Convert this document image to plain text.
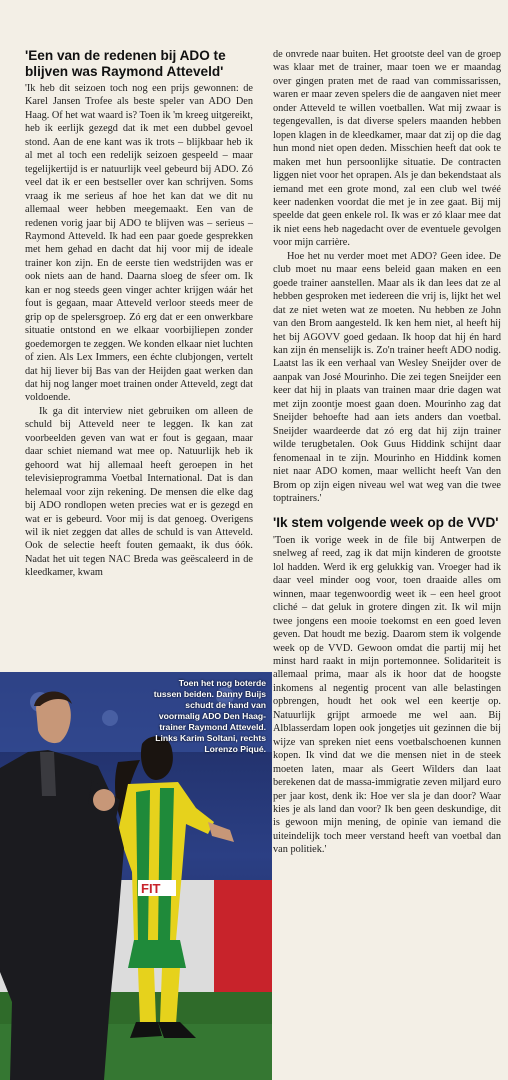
'Een van de redenen bij ADO te blijven was Raymond Atteveld'

'Ik heb dit seizoen toch nog een prijs gewonnen: de Karel Jansen Trofee als beste speler van ADO Den Haag. Of het wat waard is? Toen ik 'm kreeg uitgereikt, heb ik eerlijk gezegd dat ik met een dubbel gevoel stond. Aan de ene kant was ik trots – blijkbaar heb ik al met al toch een redelijk seizoen gespeeld – maar tegelijkertijd is er natuurlijk veel gebeurd bij ADO. Zó veel dat ik er een bestseller over kan schrijven. Soms vraag ik me serieus af hoe het kan dat we dit nu allemaal weer hebben meegemaakt. Een van de redenen vorig jaar bij ADO te blijven was – serieus – Raymond Atteveld. Ik had een paar goede gesprekken met hem gehad en dacht dat hij voor mij de ideale trainer kon zijn. En de eerste tien wedstrijden was er ook niets aan de hand. Daarna sloeg de sfeer om. Ik kan er nog steeds geen vinger achter krijgen wáár het fout is gegaan, maar Atteveld verloor steeds meer de grip op de spelersgroep. Zó erg dat er een onwerkbare situatie ontstond en we elkaar voorbijliepen zonder goedemorgen te zeggen. We konden elkaar niet luchten of zien. Als Lex Immers, een échte clubjongen, vertelt dat hij liever bij Bas van der Heijden gaat werken dan dat hij nog langer moet trainen onder Atteveld, zegt dat voldoende.

Ik ga dit interview niet gebruiken om alleen de schuld bij Atteveld neer te leggen. Ik kan zat voorbeelden geven van wat er fout is gegaan, maar daar schiet niemand wat mee op. Natuurlijk heb ik gehoord wat hij allemaal heeft geroepen in het televisieprogramma Voetbal International. Dat is dan helemaal voor zijn rekening. De mensen die elke dag bij ADO rondlopen weten precies wat er is gezegd en wat er is gebeurd. Voor mij is dat genoeg. Overigens wil ik niet zeggen dat alles de schuld is van Atteveld. Ook de selectie heeft fouten gemaakt, ik dus óók. Nadat het uit tegen NAC Breda was geëscaleerd in de kleedkamer, kwam

de onvrede naar buiten. Het grootste deel van de groep was klaar met de trainer, maar toen we er maandag over gingen praten met de raad van commissarissen, waren er maar zeven spelers die de aangaven niet meer onder Atteveld te willen voetballen. Wat mij zwaar is tegengevallen, is dat diverse spelers maanden hebben lopen klagen in de kleedkamer, maar dat zij op die dag hun mond niet open deden. Misschien heeft dat ook te maken met hun persoonlijke situatie. De contracten liggen niet voor het oprapen. Als je dan bekendstaat als iemand met een grote mond, zal een club wel twéé keer nadenken voordat die met je in zee gaat. Bij mij speelde dat geen enkele rol. Ik was er zó klaar mee dat ik niet eens heb nagedacht over de eventuele gevolgen voor mijn carrière.

Hoe het nu verder moet met ADO? Geen idee. De club moet nu maar eens beleid gaan maken en een goede trainer aanstellen. Maar als ik dan lees dat ze al hebben gesproken met iedereen die vrij is, lijkt het wel dat ze niet weten wat ze moeten. Nu hebben ze John van den Brom aangesteld. Ik ken hem niet, al heeft hij het bij AGOVV goed gedaan. Ik hoop dat hij én hard kan zijn én menselijk is. Zo'n trainer heeft ADO nodig. Laatst las ik een verhaal van Wesley Sneijder over de aanpak van José Mourinho. Die zei tegen Sneijder een keer dat hij in plaats van trainen maar drie dagen wat met zijn zoontje moest gaan doen. Mourinho zag dat Sneijder behoefte had aan iets anders dan voetbal. Sneijder waardeerde dat zó erg dat hij zijn trainer wilde terugbetalen. Ook Guus Hiddink schijnt daar fenomenaal in te zijn. Mourinho en Hiddink komen niet naar ADO komen, maar wellicht heeft Van den Brom op zijn eigen niveau wel wat weg van die twee toptrainers.'

'Ik stem volgende week op de VVD'

'Toen ik vorige week in de file bij Antwerpen de snelweg af reed, zag ik dat mijn kinderen de grootste lol hadden. Werd ik erg gelukkig van. Vroeger had ik daar veel minder oog voor, toen draaide alles om winnen, maar tegenwoordig weet ik – een heel groot cliché – dat geluk in grotere dingen zit. Ik wil mijn twee jongens een mooie toekomst en een goed leven geven. Dat houdt me bezig. Daarom stem ik volgende week op de VVD. Gewoon omdat die partij mij het minst hard raakt in mijn portemonnee. Solidariteit is allemaal prima, maar als ik hoor dat de hoogste inkomens al negentig procent van alle belastingen opbrengen, houdt het ook wel een keertje op. Natuurlijk grijpt armoede me wel aan. Bij Alblasserdam lopen ook jongetjes uit gezinnen die bij wijze van spreken niet eens voetbalschoenen kunnen kopen. Ik vind dat we die mensen niet in de steek moeten laten, maar als Geert Wilders dan laat berekenen dat de massa-immigratie zeven miljard euro per jaar kost, denk ik: Hoe ver sla je dan door? Waar kies je als land dan voor? Ik ben geen deskundige, dit is gewoon mijn mening, de opinie van iemand die uiteindelijk toch meer verstand heeft van voetbal dan van politiek.'

FIT
Toen het nog boterde tussen beiden. Danny Buijs schudt de hand van voormalig ADO Den Haag-trainer Raymond Atteveld. Links Karim Soltani, rechts Lorenzo Piqué.
